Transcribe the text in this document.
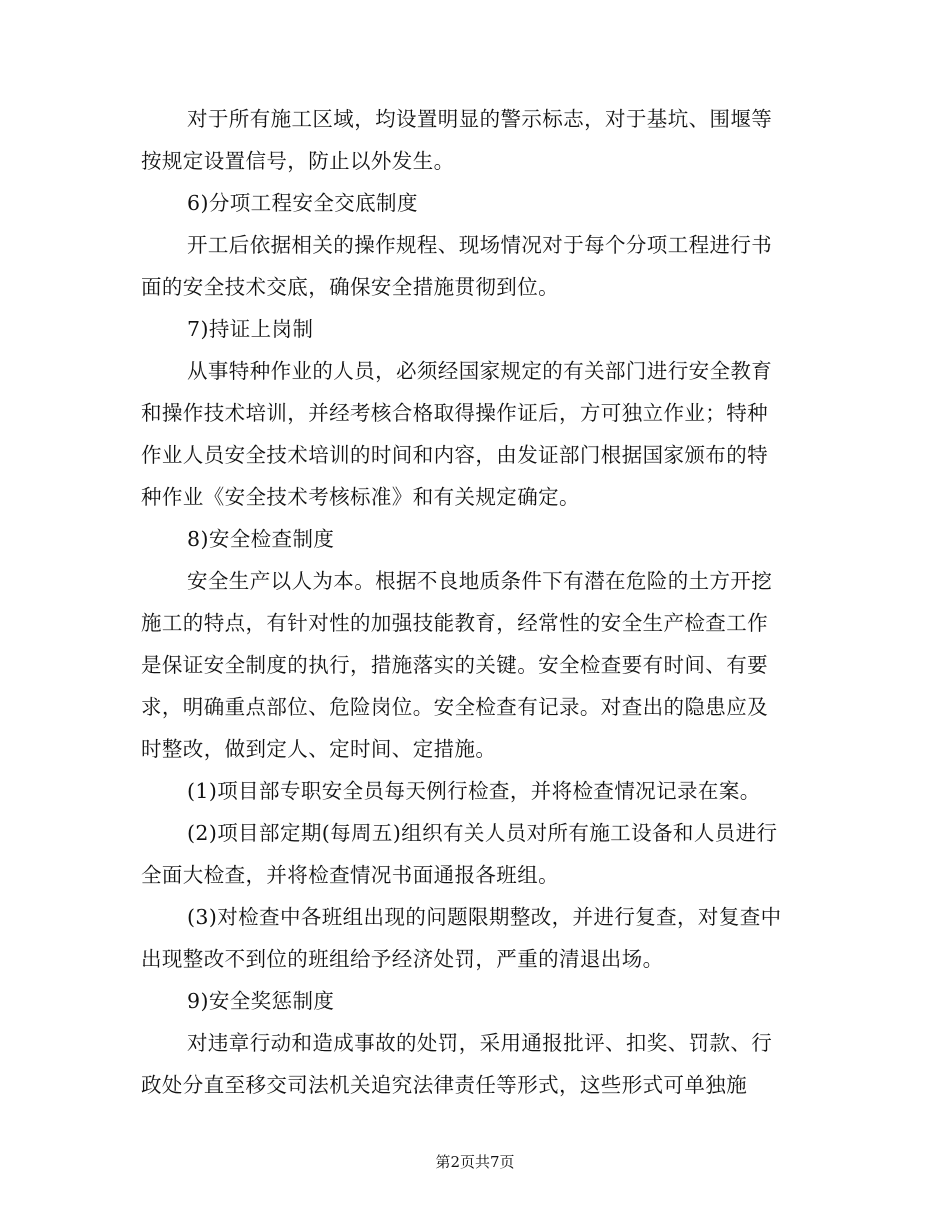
对于所有施工区域，均设置明显的警示标志，对于基坑、围堰等
按规定设置信号，防止以外发生。
6)分项工程安全交底制度
开工后依据相关的操作规程、现场情况对于每个分项工程进行书
面的安全技术交底，确保安全措施贯彻到位。
7)持证上岗制
从事特种作业的人员，必须经国家规定的有关部门进行安全教育
和操作技术培训，并经考核合格取得操作证后，方可独立作业；特种
作业人员安全技术培训的时间和内容，由发证部门根据国家颁布的特
种作业《安全技术考核标准》和有关规定确定。
8)安全检查制度
安全生产以人为本。根据不良地质条件下有潜在危险的土方开挖
施工的特点，有针对性的加强技能教育，经常性的安全生产检查工作
是保证安全制度的执行，措施落实的关键。安全检查要有时间、有要
求，明确重点部位、危险岗位。安全检查有记录。对查出的隐患应及
时整改，做到定人、定时间、定措施。
(1)项目部专职安全员每天例行检查，并将检查情况记录在案。
(2)项目部定期(每周五)组织有关人员对所有施工设备和人员进行
全面大检查，并将检查情况书面通报各班组。
(3)对检查中各班组出现的问题限期整改，并进行复查，对复查中
出现整改不到位的班组给予经济处罚，严重的清退出场。
9)安全奖惩制度
对违章行动和造成事故的处罚，采用通报批评、扣奖、罚款、行
政处分直至移交司法机关追究法律责任等形式，这些形式可单独施
第2页共7页
